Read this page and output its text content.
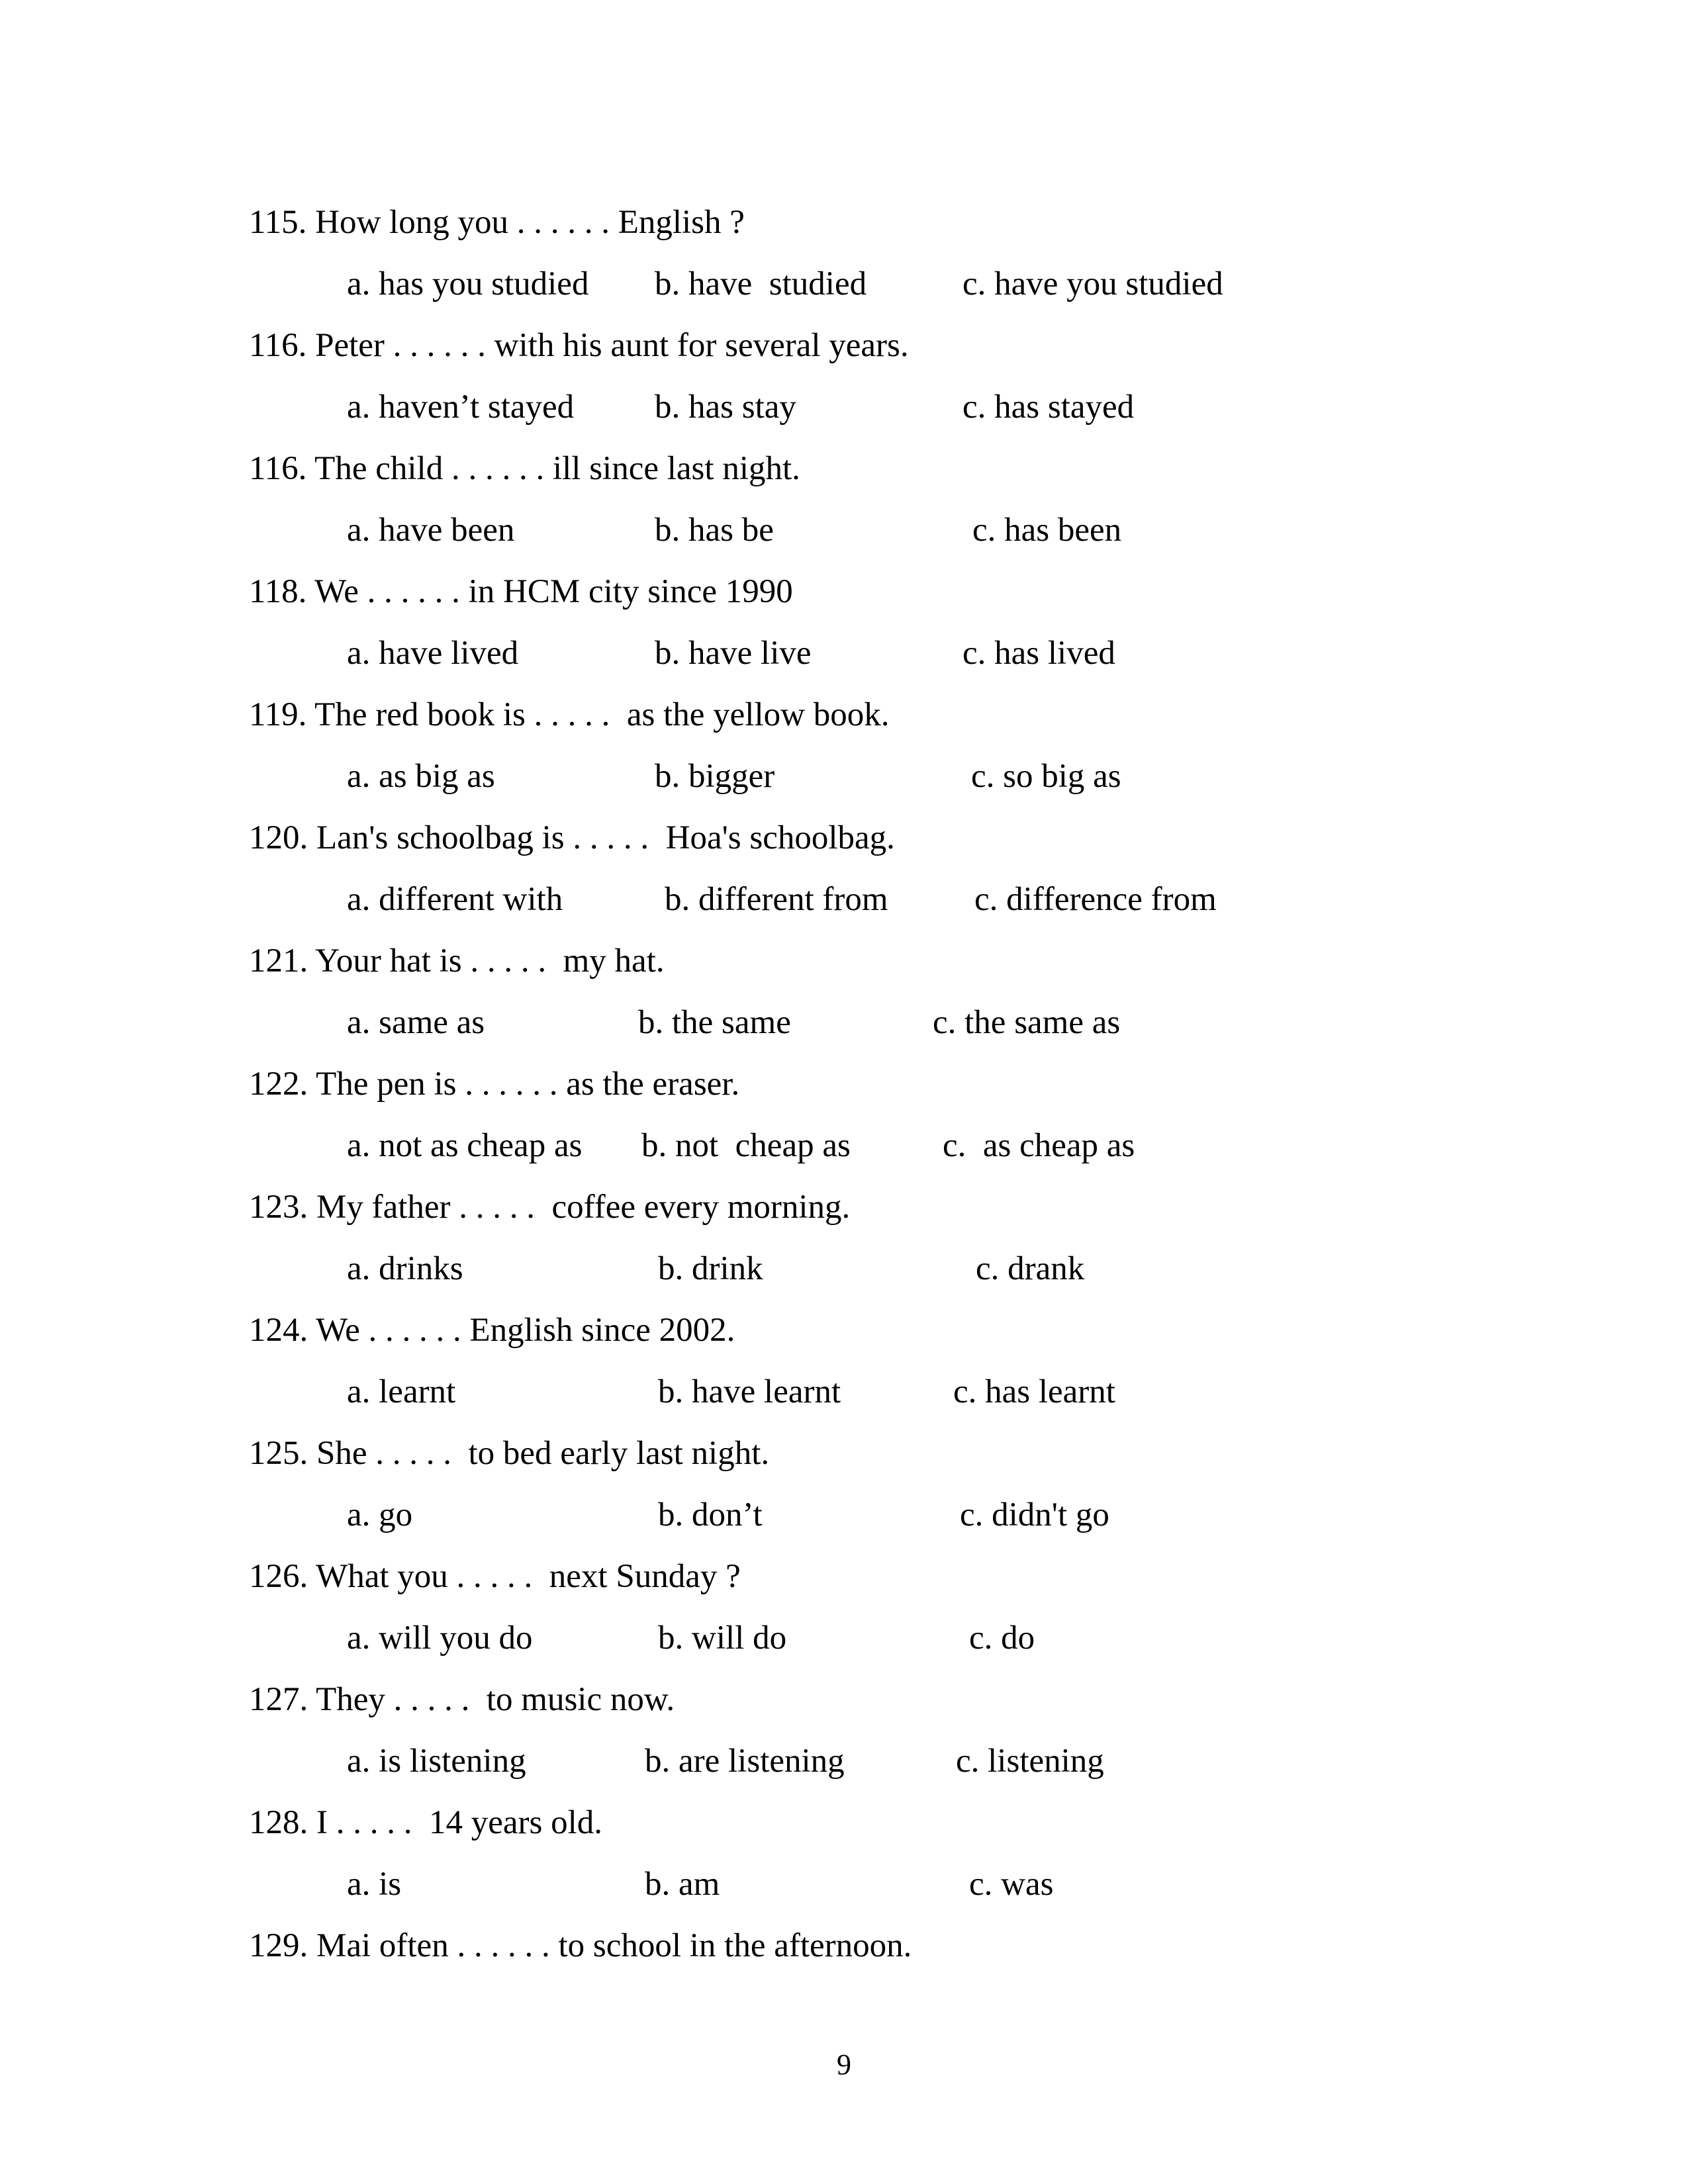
115. How long you . . . . . . English ?
a. has you studied b. have  studied	c. have you studied
116. Peter . . . . . . with his aunt for several years.
a. haven’t stayed b. has stay	c. has stayed
116. The child . . . . . . ill since last night.
a. have been	b. has be	c. has been
118. We . . . . . . in HCM city since 1990
a. have lived	b. have live	c. has lived
119. The red book is . . . . .  as the yellow book.
a. as big as	b. bigger	c. so big as
120. Lan's schoolbag is . . . . .  Hoa's schoolbag.
a. different with	b. different from	c. difference from
121. Your hat is . . . . .  my hat.
a. same as	b. the same	c. the same as
122. The pen is . . . . . . as the eraser.
a. not as cheap as b. not  cheap as	c.  as cheap as
123. My father . . . . .  coffee every morning.
a. drinks	b. drink	c. drank
124. We . . . . . . English since 2002.
a. learnt	b. have learnt	c. has learnt
125. She . . . . .  to bed early last night.
a. go	b. don’t	c. didn't go
126. What you . . . . .  next Sunday ?
a. will you do	b. will do	c. do
127. They . . . . .  to music now.
a. is listening	b. are listening	c. listening
128. I . . . . .  14 years old.
a. is	b. am	c. was
129. Mai often . . . . . . to school in the afternoon.
9
